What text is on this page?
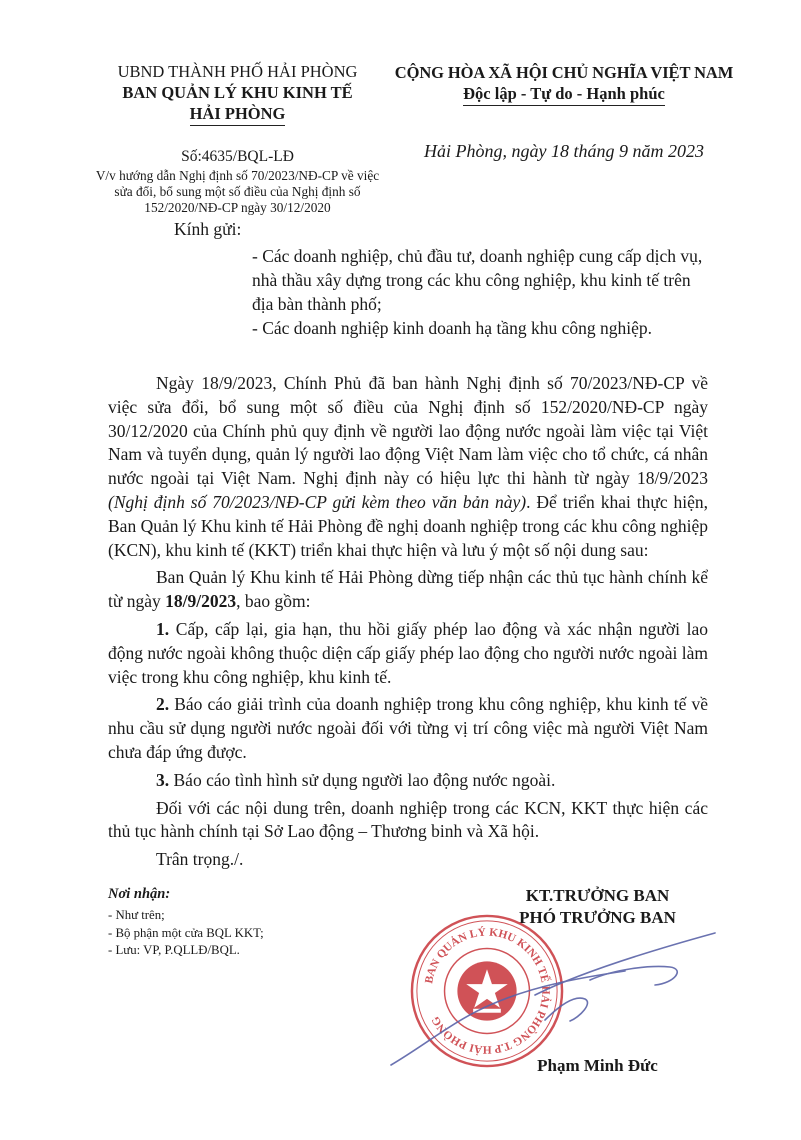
UBND THÀNH PHỐ HẢI PHÒNG
BAN QUẢN LÝ KHU KINH TẾ
HẢI PHÒNG
CỘNG HÒA XÃ HỘI CHỦ NGHĨA VIỆT NAM
Độc lập - Tự do - Hạnh phúc
Hải Phòng, ngày 18 tháng 9 năm 2023
Số:4635/BQL-LĐ
V/v hướng dẫn Nghị định số 70/2023/NĐ-CP về việc sửa đổi, bổ sung một số điều của Nghị định số 152/2020/NĐ-CP ngày 30/12/2020
Kính gửi:

- Các doanh nghiệp, chủ đầu tư, doanh nghiệp cung cấp dịch vụ, nhà thầu xây dựng trong các khu công nghiệp, khu kinh tế trên địa bàn thành phố;

- Các doanh nghiệp kinh doanh hạ tầng khu công nghiệp.

Ngày 18/9/2023, Chính Phủ đã ban hành Nghị định số 70/2023/NĐ-CP về việc sửa đổi, bổ sung một số điều của Nghị định số 152/2020/NĐ-CP ngày 30/12/2020 của Chính phủ quy định về người lao động nước ngoài làm việc tại Việt Nam và tuyển dụng, quản lý người lao động Việt Nam làm việc cho tổ chức, cá nhân nước ngoài tại Việt Nam. Nghị định này có hiệu lực thi hành từ ngày 18/9/2023 (Nghị định số 70/2023/NĐ-CP gửi kèm theo văn bản này). Để triển khai thực hiện, Ban Quản lý Khu kinh tế Hải Phòng đề nghị doanh nghiệp trong các khu công nghiệp (KCN), khu kinh tế (KKT) triển khai thực hiện và lưu ý một số nội dung sau:

Ban Quản lý Khu kinh tế Hải Phòng dừng tiếp nhận các thủ tục hành chính kể từ ngày 18/9/2023, bao gồm:

1. Cấp, cấp lại, gia hạn, thu hồi giấy phép lao động và xác nhận người lao động nước ngoài không thuộc diện cấp giấy phép lao động cho người nước ngoài làm việc trong khu công nghiệp, khu kinh tế.

2. Báo cáo giải trình của doanh nghiệp trong khu công nghiệp, khu kinh tế về nhu cầu sử dụng người nước ngoài đối với từng vị trí công việc mà người Việt Nam chưa đáp ứng được.

3. Báo cáo tình hình sử dụng người lao động nước ngoài.

Đối với các nội dung trên, doanh nghiệp trong các KCN, KKT thực hiện các thủ tục hành chính tại Sở Lao động – Thương binh và Xã hội.

Trân trọng./.

Nơi nhận:

- Như trên;

- Bộ phận một cửa BQL KKT;

- Lưu: VP, P.QLLĐ/BQL.

KT.TRƯỞNG BAN
PHÓ TRƯỞNG BAN
BAN QUẢN LÝ KHU KINH TẾ HẢI PHÒNG T.P HẢI PHÒNG
Phạm Minh Đức
